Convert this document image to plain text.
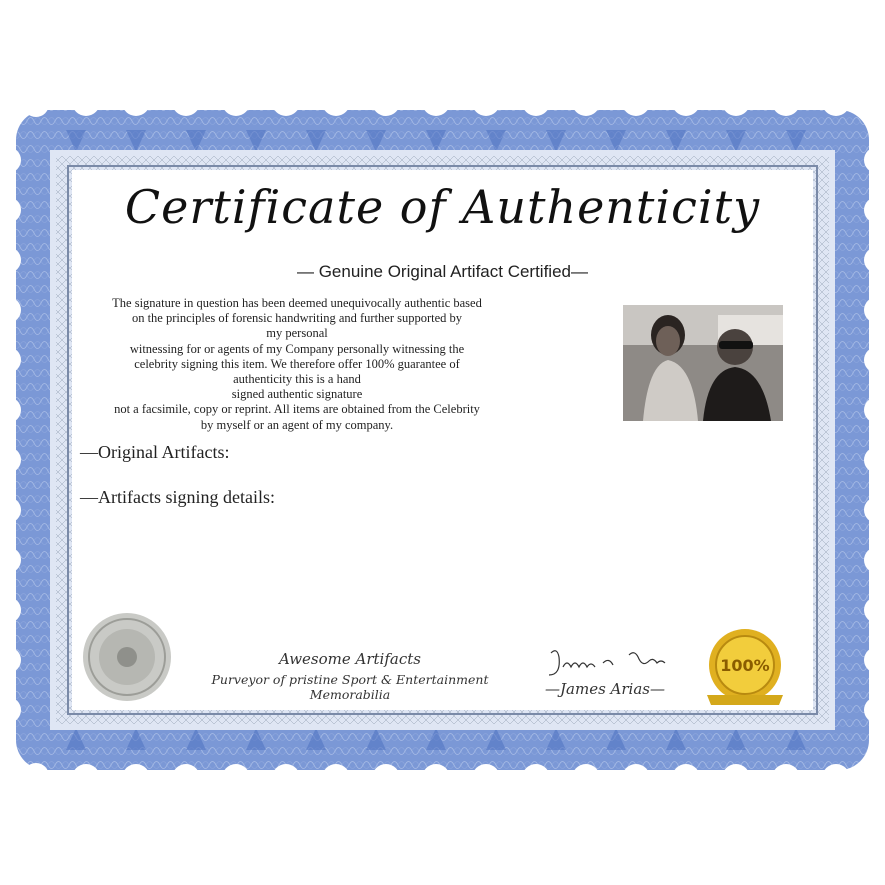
Certificate of Authenticity
— Genuine Original Artifact Certified—
The signature in question has been deemed unequivocally authentic based
on the principles of forensic handwriting and further supported by
my personal
witnessing for or agents of my Company personally witnessing the
celebrity signing this item. We therefore offer 100% guarantee of
authenticity this is a hand
signed authentic signature
not a facsimile, copy or reprint. All items are obtained from the Celebrity
by myself or an agent of my company.
—Original Artifacts:
—Artifacts signing details:
Awesome Artifacts
Purveyor of pristine Sport & Entertainment Memorabilia	—James Arias—
100%
